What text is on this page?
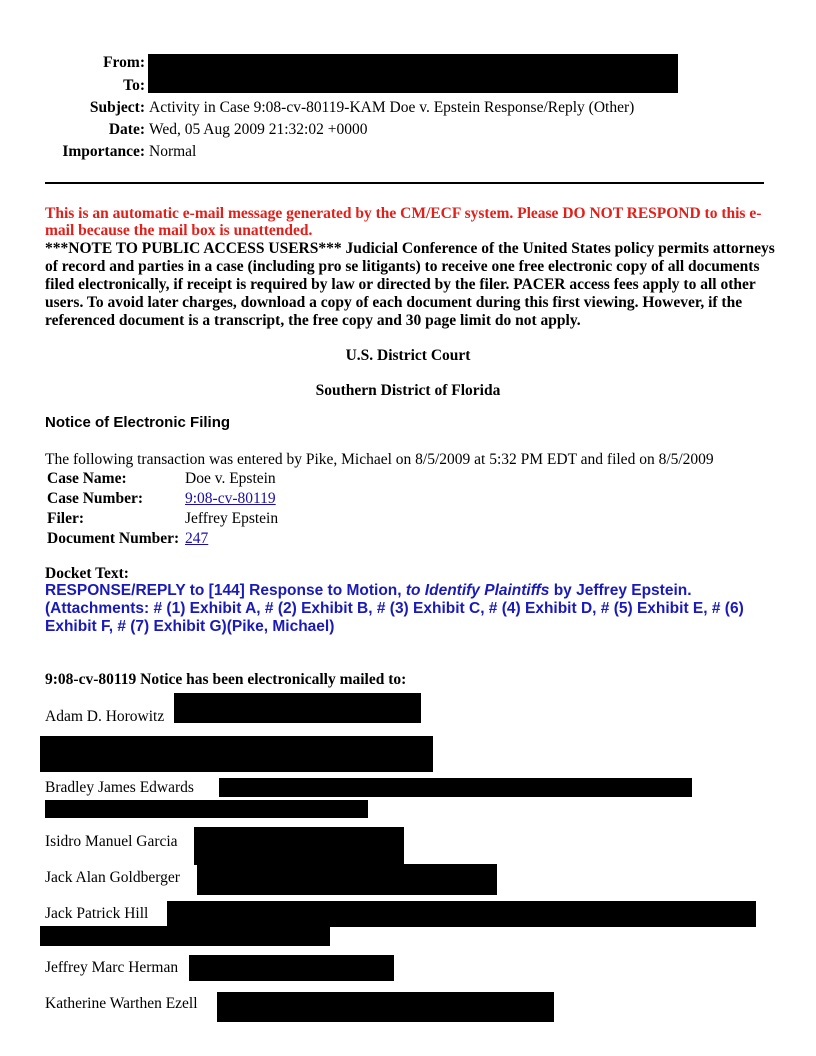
From:
To:
Subject: Activity in Case 9:08-cv-80119-KAM Doe v. Epstein Response/Reply (Other)
Date: Wed, 05 Aug 2009 21:32:02 +0000
Importance: Normal
This is an automatic e-mail message generated by the CM/ECF system. Please DO NOT RESPOND to this e-mail because the mail box is unattended.
***NOTE TO PUBLIC ACCESS USERS*** Judicial Conference of the United States policy permits attorneys of record and parties in a case (including pro se litigants) to receive one free electronic copy of all documents filed electronically, if receipt is required by law or directed by the filer. PACER access fees apply to all other users. To avoid later charges, download a copy of each document during this first viewing. However, if the referenced document is a transcript, the free copy and 30 page limit do not apply.
U.S. District Court
Southern District of Florida
Notice of Electronic Filing
The following transaction was entered by Pike, Michael on 8/5/2009 at 5:32 PM EDT and filed on 8/5/2009
Case Name:	Doe v. Epstein
Case Number:	9:08-cv-80119
Filer:	Jeffrey Epstein
Document Number: 247
Docket Text:
RESPONSE/REPLY to [144] Response to Motion, to Identify Plaintiffs by Jeffrey Epstein. (Attachments: # (1) Exhibit A, # (2) Exhibit B, # (3) Exhibit C, # (4) Exhibit D, # (5) Exhibit E, # (6) Exhibit F, # (7) Exhibit G)(Pike, Michael)
9:08-cv-80119 Notice has been electronically mailed to:
Adam D. Horowitz
Bradley James Edwards
Isidro Manuel Garcia
Jack Alan Goldberger
Jack Patrick Hill
Jeffrey Marc Herman
Katherine Warthen Ezell
